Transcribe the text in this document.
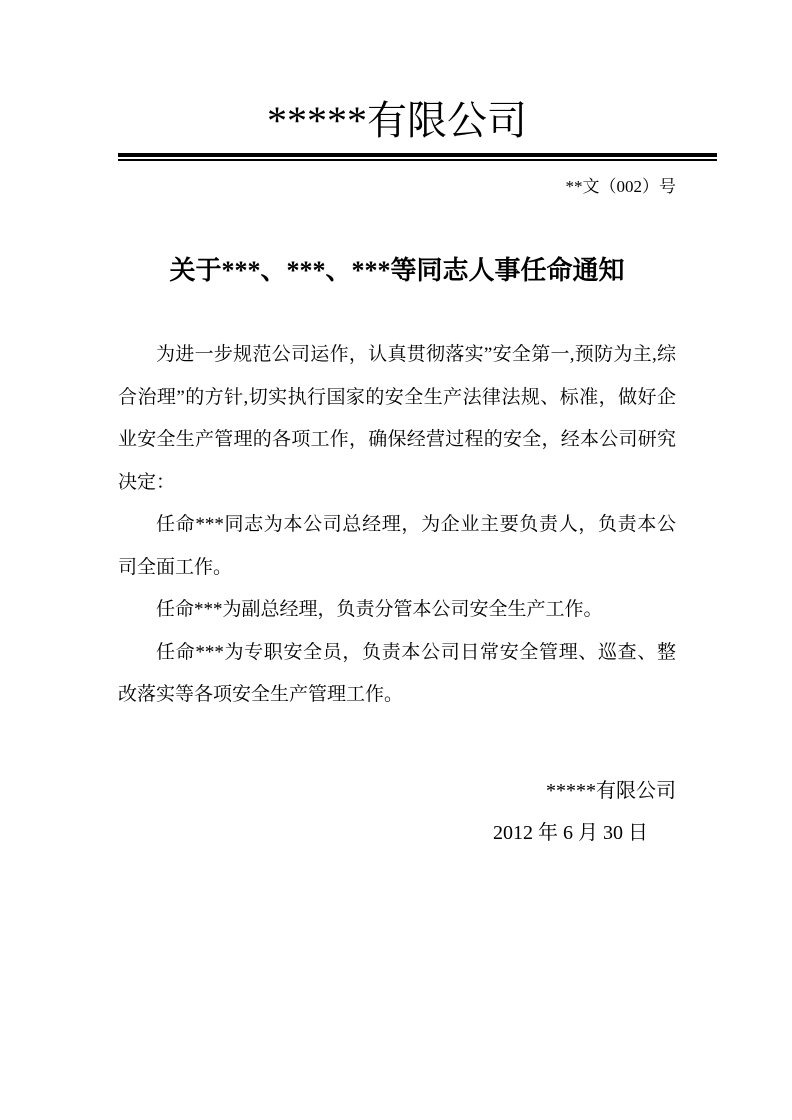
*****有限公司
**文（002）号
关于***、***、***等同志人事任命通知

为进一步规范公司运作，认真贯彻落实”安全第一,预防为主,综合治理”的方针,切实执行国家的安全生产法律法规、标准，做好企业安全生产管理的各项工作，确保经营过程的安全，经本公司研究决定：

任命***同志为本公司总经理，为企业主要负责人，负责本公司全面工作。

任命***为副总经理，负责分管本公司安全生产工作。

任命***为专职安全员，负责本公司日常安全管理、巡查、整改落实等各项安全生产管理工作。

*****有限公司
2012 年 6 月 30 日
